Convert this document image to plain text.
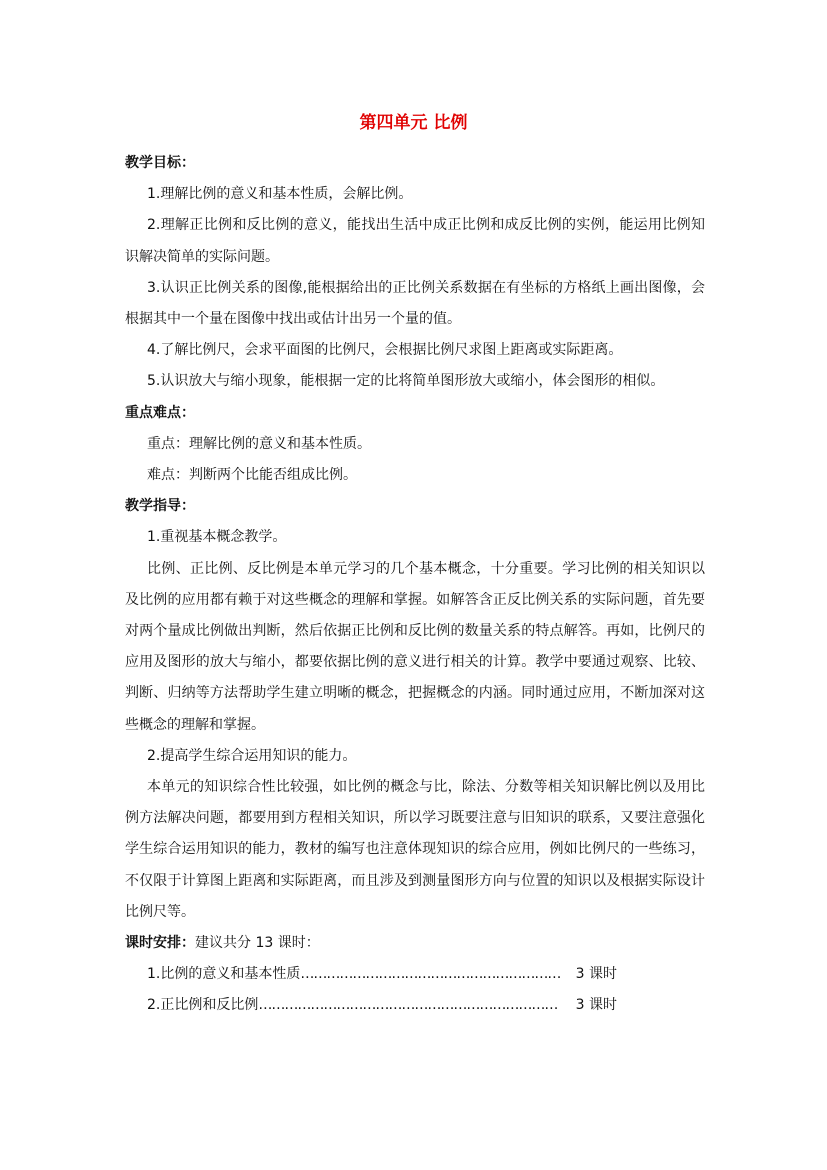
第四单元 比例

教学目标：

1.理解比例的意义和基本性质，会解比例。

2.理解正比例和反比例的意义，能找出生活中成正比例和成反比例的实例，能运用比例知识解决简单的实际问题。

3.认识正比例关系的图像,能根据给出的正比例关系数据在有坐标的方格纸上画出图像，会根据其中一个量在图像中找出或估计出另一个量的值。

4.了解比例尺，会求平面图的比例尺，会根据比例尺求图上距离或实际距离。

5.认识放大与缩小现象，能根据一定的比将简单图形放大或缩小，体会图形的相似。

重点难点：

重点：理解比例的意义和基本性质。

难点：判断两个比能否组成比例。

教学指导：

1.重视基本概念教学。

比例、正比例、反比例是本单元学习的几个基本概念，十分重要。学习比例的相关知识以及比例的应用都有赖于对这些概念的理解和掌握。如解答含正反比例关系的实际问题，首先要对两个量成比例做出判断，然后依据正比例和反比例的数量关系的特点解答。再如，比例尺的应用及图形的放大与缩小，都要依据比例的意义进行相关的计算。教学中要通过观察、比较、判断、归纳等方法帮助学生建立明晰的概念，把握概念的内涵。同时通过应用，不断加深对这些概念的理解和掌握。

2.提高学生综合运用知识的能力。

本单元的知识综合性比较强，如比例的概念与比，除法、分数等相关知识解比例以及用比例方法解决问题，都要用到方程相关知识，所以学习既要注意与旧知识的联系，又要注意强化学生综合运用知识的能力，教材的编写也注意体现知识的综合应用，例如比例尺的一些练习，不仅限于计算图上距离和实际距离，而且涉及到测量图形方向与位置的知识以及根据实际设计比例尺等。

课时安排：建议共分 13 课时：

1.比例的意义和基本性质 ……………………………………………………	3 课时
2.正比例和反比例 ……………………………………………………………	3 课时
